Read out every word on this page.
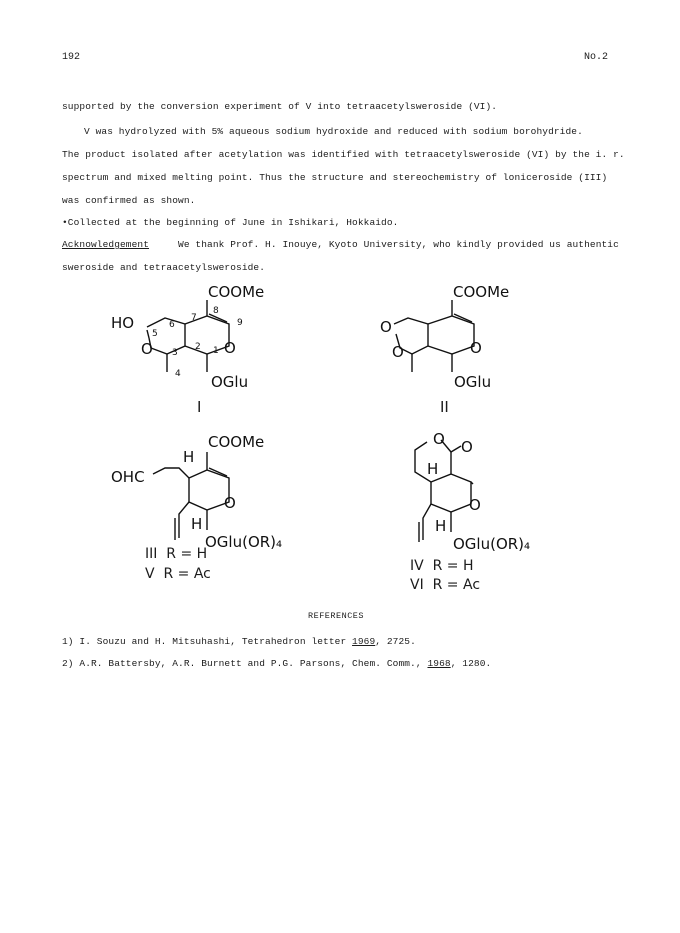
192	No.2
supported by the conversion experiment of V into tetraacetylsweroside (VI).
V was hydrolyzed with 5% aqueous sodium hydroxide and reduced with sodium borohydride.
The product isolated after acetylation was identified with tetraacetylsweroside (VI) by the i. r.
spectrum and mixed melting point. Thus the structure and stereochemistry of loniceroside (III)
was confirmed as shown.
•Collected at the beginning of June in Ishikari, Hokkaido.
Acknowledgement	We thank Prof. H. Inouye, Kyoto University, who kindly provided us authentic
sweroside and tetraacetylsweroside.
COOMe
HO
OGlu
5
6
7
8
9
3
2 1
4
O	O
I
COOMe
OGlu
O
O	O
II
COOMe
OHC
H
H
OGlu(OR)₄
O
III R = H
V R = Ac
O O
H
H
OGlu(OR)₄
O
IV R = H
VI R = Ac
REFERENCES
1) I. Souzu and H. Mitsuhashi, Tetrahedron letter 1969, 2725.
2) A.R. Battersby, A.R. Burnett and P.G. Parsons, Chem. Comm., 1968, 1280.
